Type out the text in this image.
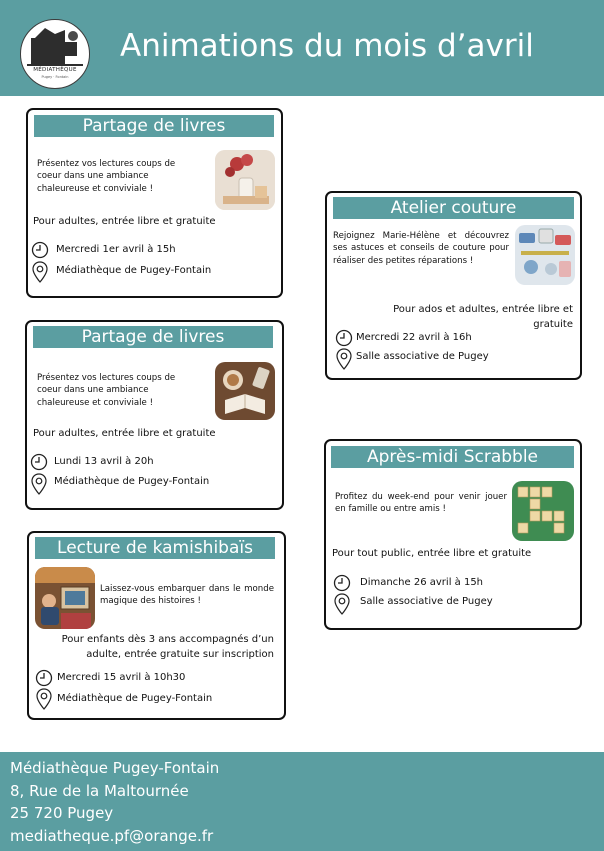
MÉDIATHÈQUE
Pugey · Fontain
Animations du mois d’avril
Partage de livres
Présentez vos lectures coups de coeur dans une ambiance chaleureuse et conviviale !
Pour adultes, entrée libre et gratuite
Mercredi 1er avril à 15h
Médiathèque de Pugey-Fontain
Atelier couture
Rejoignez Marie-Hélène et découvrez ses astuces et conseils de couture pour réaliser des petites réparations !
Pour ados et adultes, entrée libre et gratuite
Mercredi 22 avril à 16h
Salle associative de Pugey
Partage de livres
Présentez vos lectures coups de coeur dans une ambiance chaleureuse et conviviale !
Pour adultes, entrée libre et gratuite
Lundi 13 avril à 20h
Médiathèque de Pugey-Fontain
Après-midi Scrabble
Profitez du week-end pour venir jouer en famille ou entre amis !
Pour tout public, entrée libre et gratuite
Dimanche 26 avril à 15h
Salle associative de Pugey
Lecture de kamishibaïs
Laissez-vous embarquer dans le monde magique des histoires !
Pour enfants dès 3 ans accompagnés d’un adulte, entrée gratuite sur inscription
Mercredi 15 avril à 10h30
Médiathèque de Pugey-Fontain
Médiathèque Pugey-Fontain
8, Rue de la Maltournée
25 720 Pugey
mediatheque.pf@orange.fr
